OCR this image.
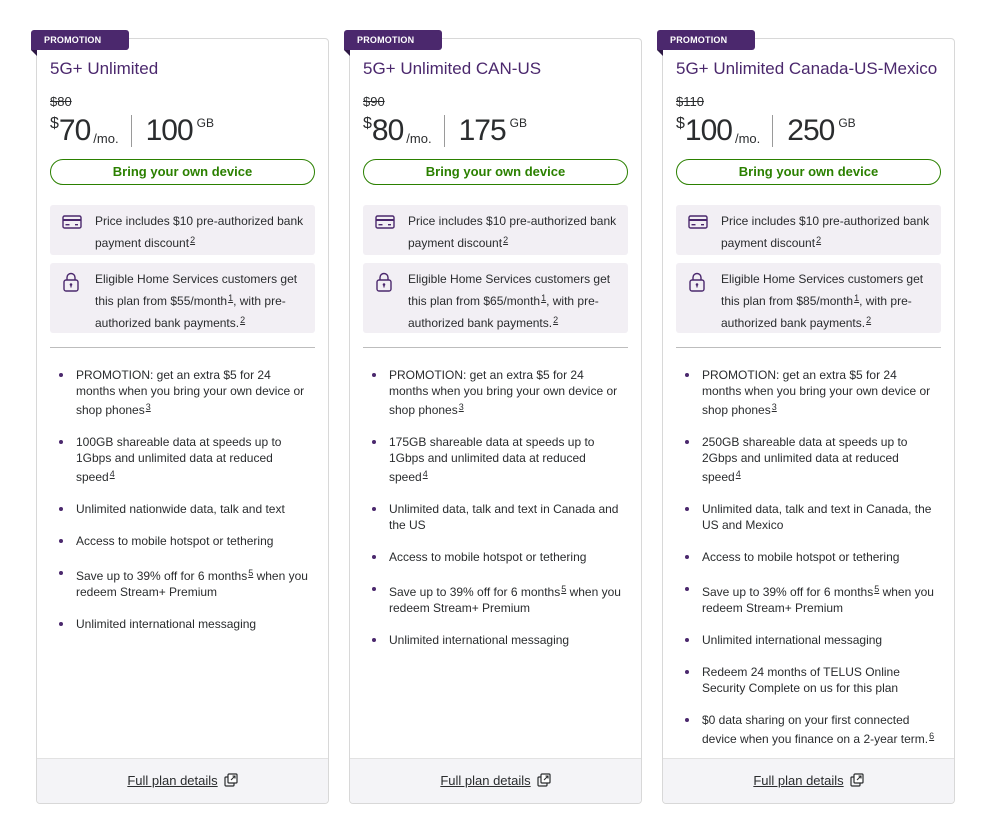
PROMOTION
5G+ Unlimited
$80
$ 70 /mo. 100 GB
Bring your own device
Price includes $10 pre-authorized bank payment discount$^2$
Eligible Home Services customers get this plan from $55/month$^1$, with pre-authorized bank payments.$^2$
PROMOTION: get an extra $5 for 24 months when you bring your own device or shop phones$^3$
100GB shareable data at speeds up to 1Gbps and unlimited data at reduced speed$^4$
Unlimited nationwide data, talk and text
Access to mobile hotspot or tethering
Save up to 39% off for 6 months$^5$ when you redeem Stream+ Premium
Unlimited international messaging
Full plan details
PROMOTION
5G+ Unlimited CAN-US
$90
$ 80 /mo. 175 GB
Bring your own device
Price includes $10 pre-authorized bank payment discount$^2$
Eligible Home Services customers get this plan from $65/month$^1$, with pre-authorized bank payments.$^2$
PROMOTION: get an extra $5 for 24 months when you bring your own device or shop phones$^3$
175GB shareable data at speeds up to 1Gbps and unlimited data at reduced speed$^4$
Unlimited data, talk and text in Canada and the US
Access to mobile hotspot or tethering
Save up to 39% off for 6 months$^5$ when you redeem Stream+ Premium
Unlimited international messaging
Full plan details
PROMOTION
5G+ Unlimited Canada-US-Mexico
$110
$ 100 /mo. 250 GB
Bring your own device
Price includes $10 pre-authorized bank payment discount$^2$
Eligible Home Services customers get this plan from $85/month$^1$, with pre-authorized bank payments.$^2$
PROMOTION: get an extra $5 for 24 months when you bring your own device or shop phones$^3$
250GB shareable data at speeds up to 2Gbps and unlimited data at reduced speed$^4$
Unlimited data, talk and text in Canada, the US and Mexico
Access to mobile hotspot or tethering
Save up to 39% off for 6 months$^5$ when you redeem Stream+ Premium
Unlimited international messaging
Redeem 24 months of TELUS Online Security Complete on us for this plan
$0 data sharing on your first connected device when you finance on a 2-year term.$^6$
Full plan details
